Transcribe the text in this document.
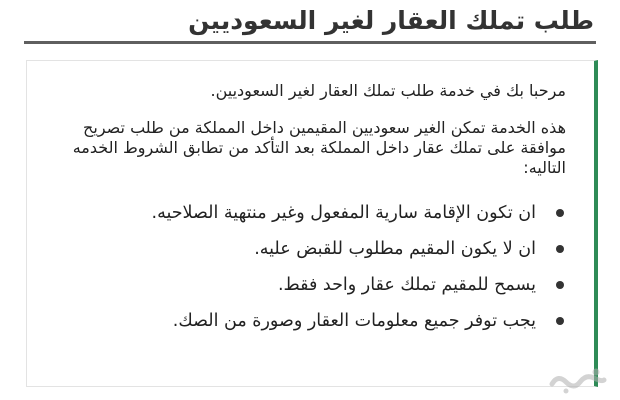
طلب تملك العقار لغير السعوديين

مرحبا بك في خدمة طلب تملك العقار لغير السعوديين.

هذه الخدمة تمكن الغير سعوديين المقيمين داخل المملكة من طلب تصريح موافقة على تملك عقار داخل المملكة بعد التأكد من تطابق الشروط الخدمه التاليه:

ان تكون الإقامة سارية المفعول وغير منتهية الصلاحيه.
ان لا يكون المقيم مطلوب للقبض عليه.
يسمح للمقيم تملك عقار واحد فقط.
يجب توفر جميع معلومات العقار وصورة من الصك.
